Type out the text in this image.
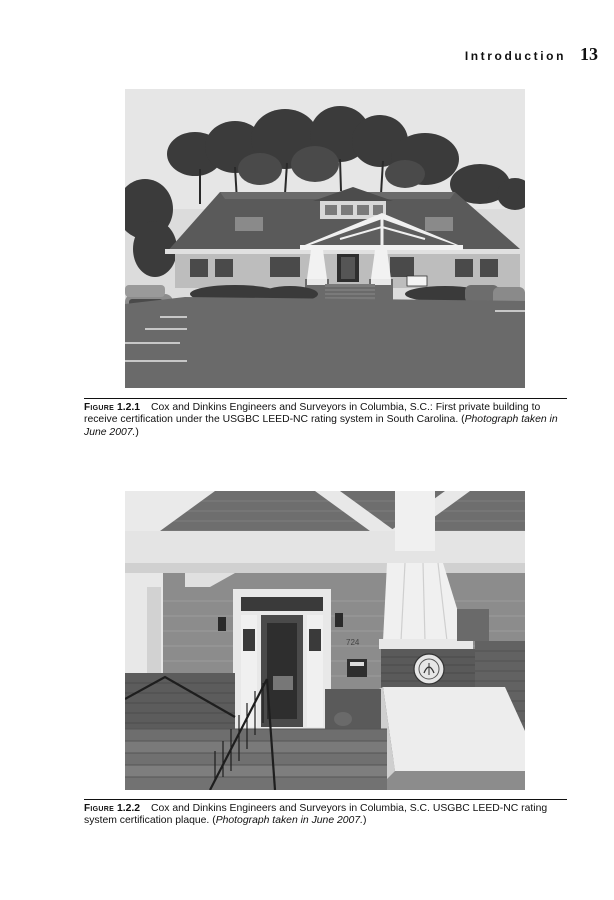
Introduction 13
Figure 1.2.1 Cox and Dinkins Engineers and Surveyors in Columbia, S.C.: First private building to receive certification under the USGBC LEED-NC rating system in South Carolina. (Photograph taken in June 2007.)
724
Figure 1.2.2 Cox and Dinkins Engineers and Surveyors in Columbia, S.C. USGBC LEED-NC rating system certification plaque. (Photograph taken in June 2007.)
